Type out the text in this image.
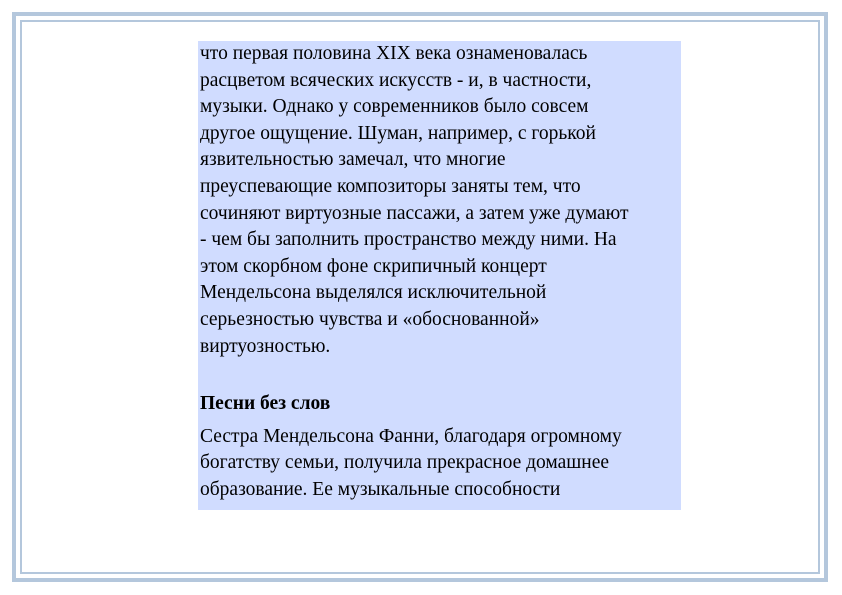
что первая половина XIX века ознаменовалась
расцветом всяческих искусств - и, в частности,
музыки. Однако у современников было совсем
другое ощущение. Шуман, например, с горькой
язвительностью замечал, что многие
преуспевающие композиторы заняты тем, что
сочиняют виртуозные пассажи, а затем уже думают
- чем бы заполнить пространство между ними. На
этом скорбном фоне скрипичный концерт
Мендельсона выделялся исключительной
серьезностью чувства и «обоснованной»
виртуозностью.

Песни без слов

Сестра Мендельсона Фанни, благодаря огромному
богатству семьи, получила прекрасное домашнее
образование. Ее музыкальные способности
